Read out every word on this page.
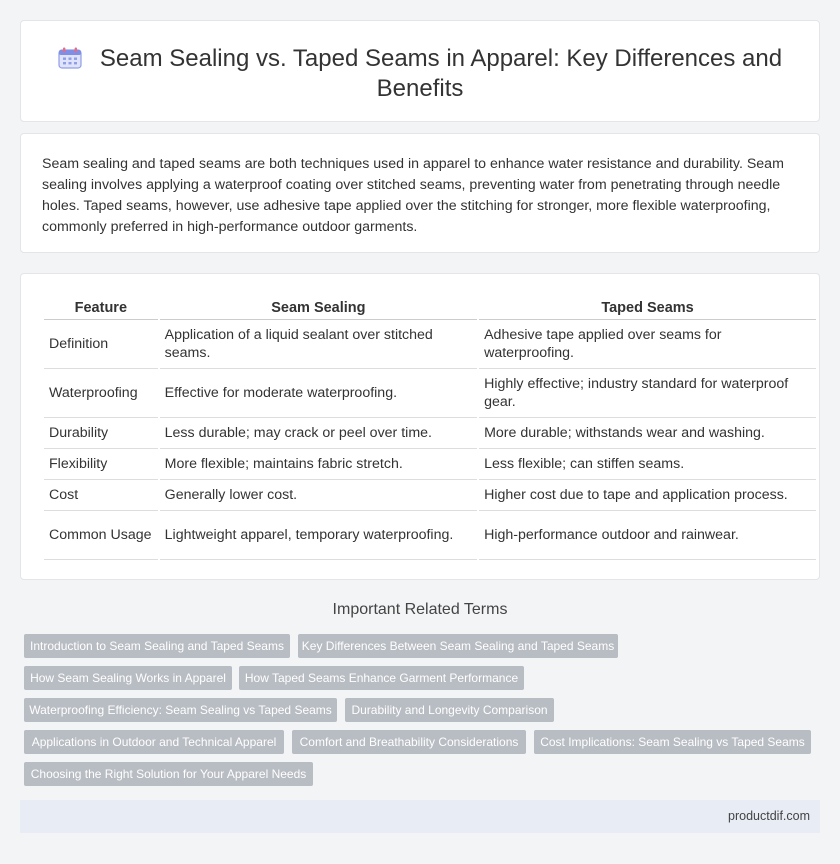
Seam Sealing vs. Taped Seams in Apparel: Key Differences and Benefits

Seam sealing and taped seams are both techniques used in apparel to enhance water resistance and durability. Seam sealing involves applying a waterproof coating over stitched seams, preventing water from penetrating through needle holes. Taped seams, however, use adhesive tape applied over the stitching for stronger, more flexible waterproofing, commonly preferred in high-performance outdoor garments.

Feature	Seam Sealing	Taped Seams
Definition	Application of a liquid sealant over stitched seams.	Adhesive tape applied over seams for waterproofing.
Waterproofing	Effective for moderate waterproofing.	Highly effective; industry standard for waterproof gear.
Durability	Less durable; may crack or peel over time.	More durable; withstands wear and washing.
Flexibility	More flexible; maintains fabric stretch.	Less flexible; can stiffen seams.
Cost	Generally lower cost.	Higher cost due to tape and application process.
Common Usage	Lightweight apparel, temporary waterproofing.	High-performance outdoor and rainwear.
Important Related Terms
Introduction to Seam Sealing and Taped Seams	Key Differences Between Seam Sealing and Taped Seams
How Seam Sealing Works in Apparel	How Taped Seams Enhance Garment Performance
Waterproofing Efficiency: Seam Sealing vs Taped Seams	Durability and Longevity Comparison
Applications in Outdoor and Technical Apparel	Comfort and Breathability Considerations	Cost Implications: Seam Sealing vs Taped Seams
Choosing the Right Solution for Your Apparel Needs
productdif.com
